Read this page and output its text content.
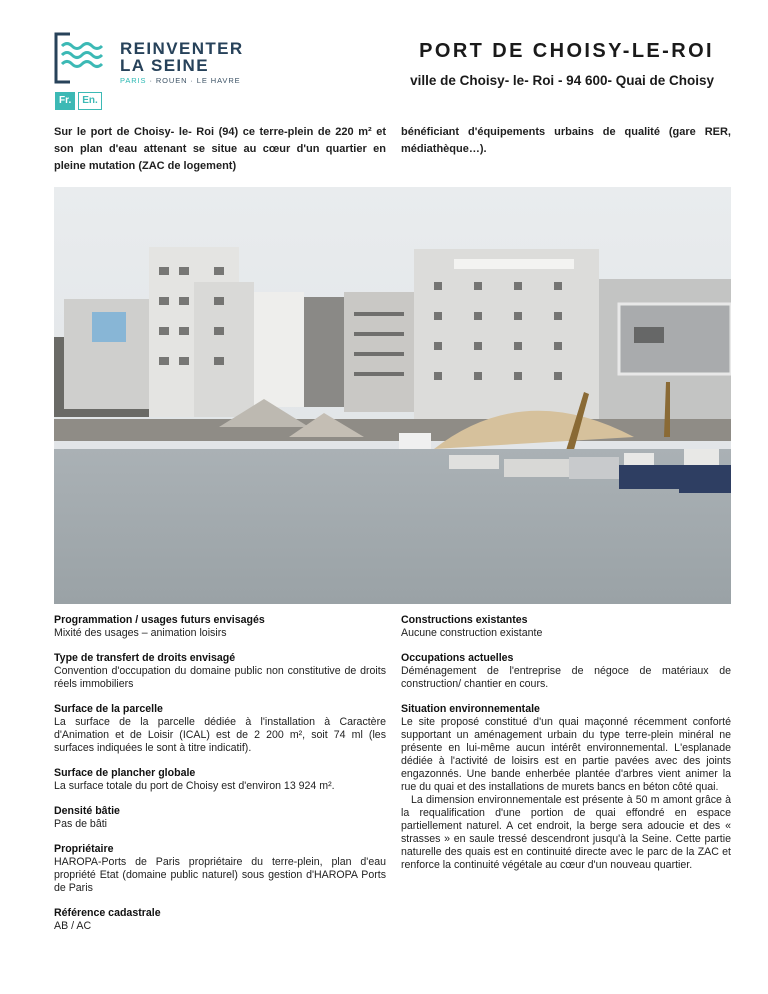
REINVENTER
LA SEINE
PARIS · ROUEN · LE HAVRE
Fr.	En.
PORT DE CHOISY-LE-ROI
ville de Choisy- le- Roi - 94 600- Quai de Choisy
Sur le port de Choisy- le- Roi (94) ce terre-plein de 220 m² et son plan d'eau attenant se situe au cœur d'un quartier en pleine mutation (ZAC de logement)
bénéficiant d'équipements urbains de qualité (gare RER, médiathèque…).
Programmation / usages futurs envisagés

Mixité des usages – animation loisirs

Type de transfert de droits envisagé

Convention d'occupation du domaine public non constitutive de droits réels immobiliers

Surface de la parcelle

La surface de la parcelle dédiée à l'installation à Caractère d'Animation et de Loisir (ICAL) est de 2 200 m², soit 74 ml (les surfaces indiquées le sont à titre indicatif).

Surface de plancher globale

La surface totale du port de Choisy est d'environ 13 924 m².

Densité bâtie

Pas de bâti

Propriétaire

HAROPA-Ports de Paris propriétaire du terre-plein, plan d'eau propriété Etat (domaine public naturel) sous gestion d'HAROPA Ports de Paris

Référence cadastrale

AB / AC

Constructions existantes

Aucune construction existante

Occupations actuelles

Déménagement de l'entreprise de négoce de matériaux de construction/ chantier en cours.

Situation environnementale

Le site proposé constitué d'un quai maçonné récemment conforté supportant un aménagement urbain du type terre-plein minéral ne présente en lui-même aucun intérêt environnemental. L'esplanade dédiée à l'activité de loisirs est en partie pavées avec des joints engazonnés. Une bande enherbée plantée d'arbres vient animer la rue du quai et des installations de murets bancs en béton côté quai.

La dimension environnementale est présente à 50 m amont grâce à la requalification d'une portion de quai effondré en espace partiellement naturel. A cet endroit, la berge sera adoucie et des « strasses » en saule tressé descendront jusqu'à la Seine. Cette partie naturelle des quais est en continuité directe avec le parc de la ZAC et renforce la continuité végétale au cœur d'un nouveau quartier.
